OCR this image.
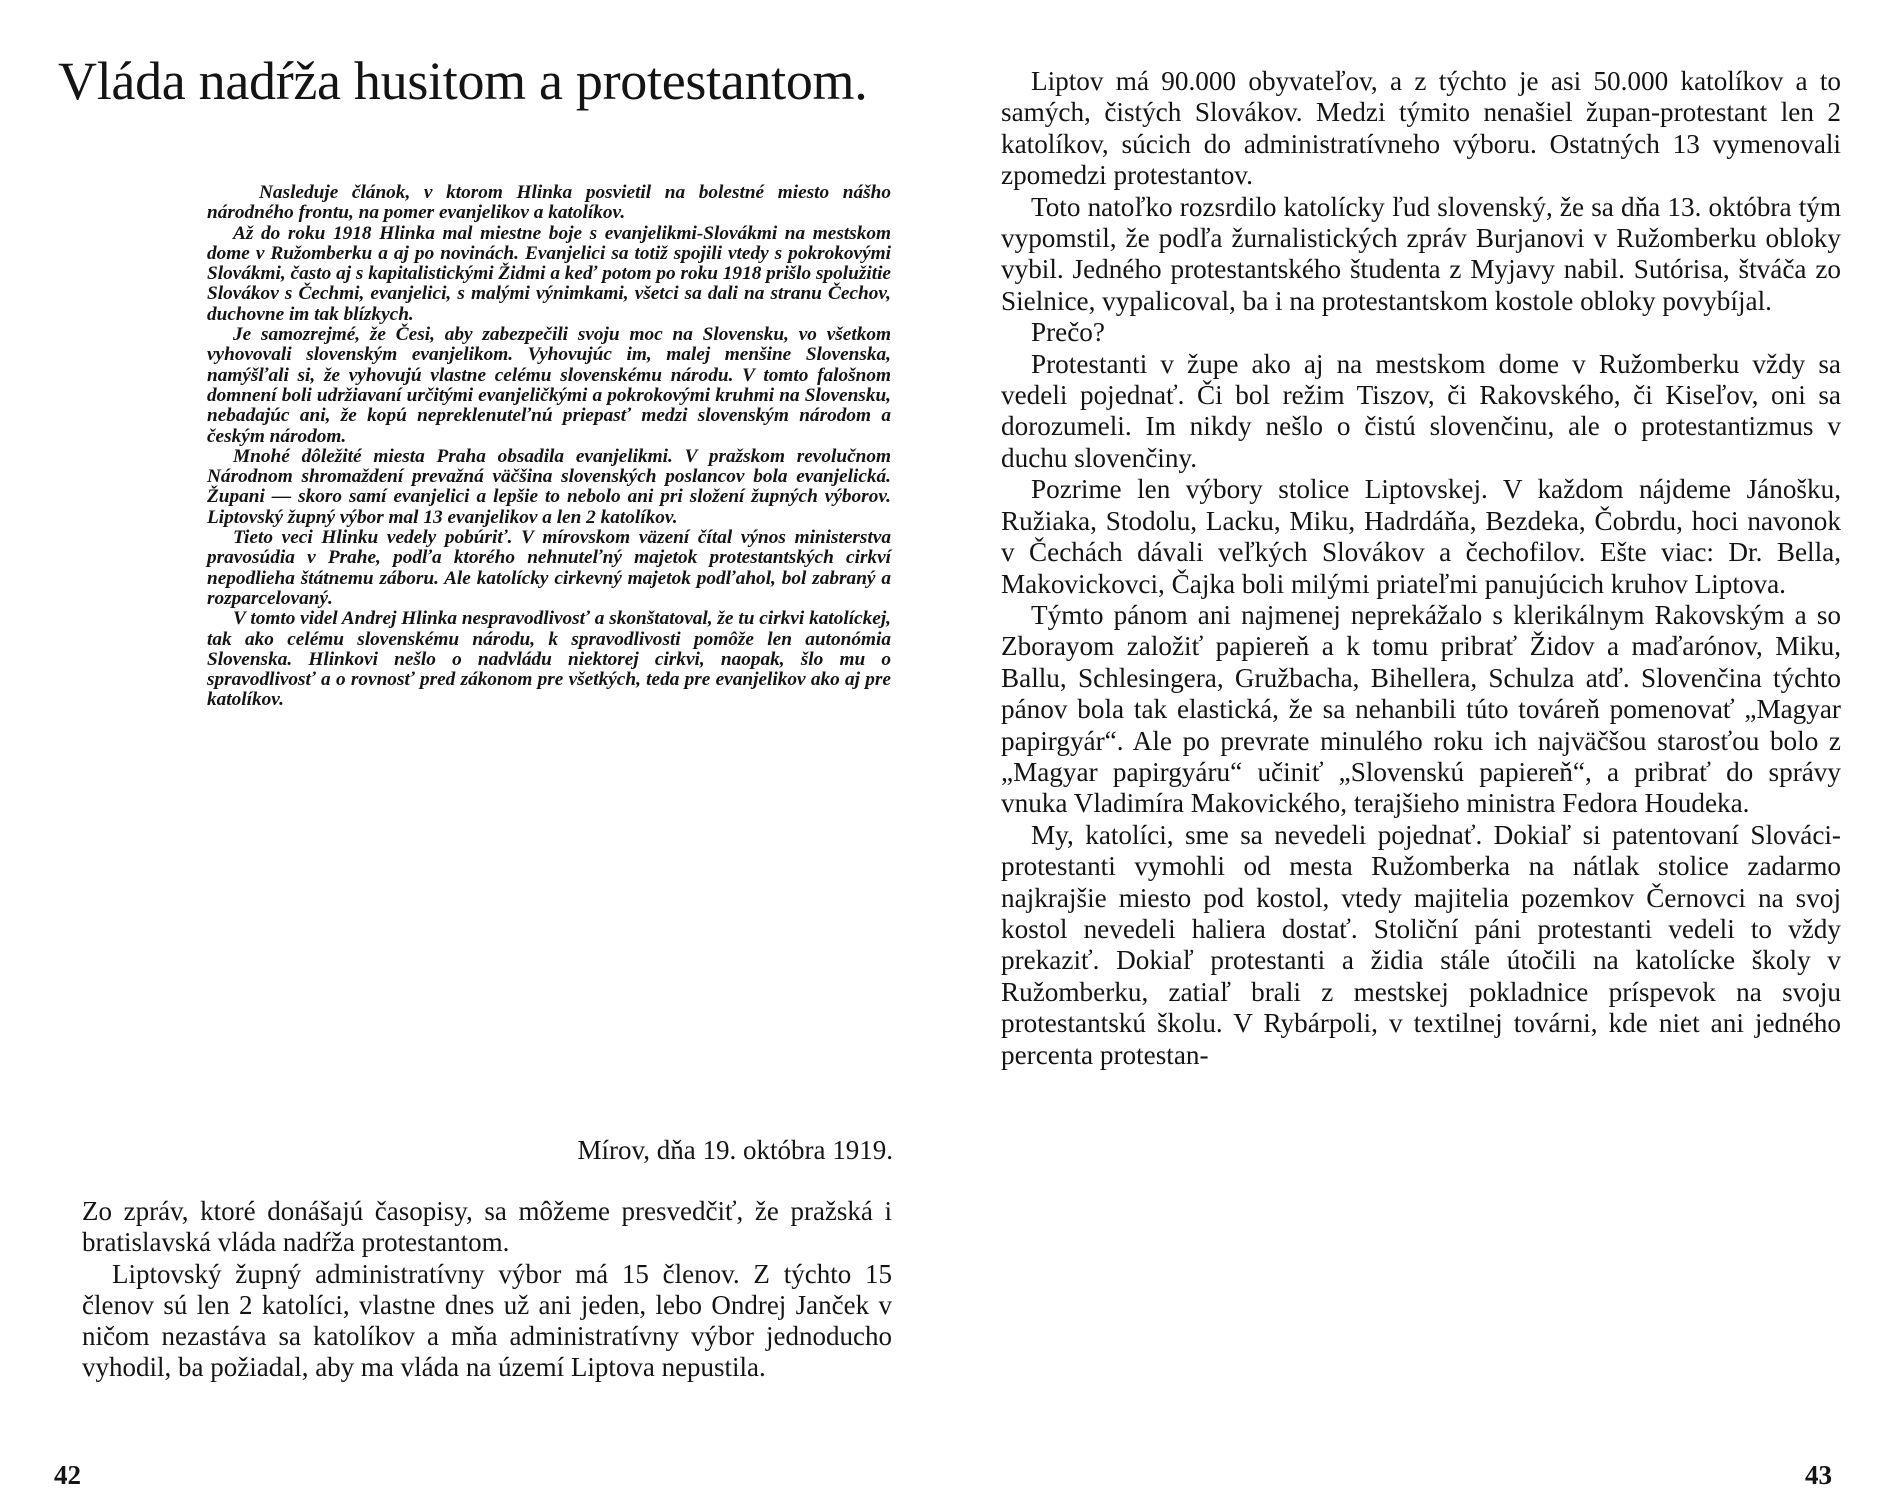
Vláda nadŕža husitom a protestantom.

Nasleduje článok, v ktorom Hlinka posvietil na bolestné miesto nášho národného frontu, na pomer evanjelikov a katolíkov.

Až do roku 1918 Hlinka mal miestne boje s evanjelikmi-Slovákmi na mestskom dome v Ružomberku a aj po novinách. Evanjelici sa totiž spojili vtedy s pokrokovými Slovákmi, často aj s kapitalistickými Židmi a keď potom po roku 1918 prišlo spolužitie Slovákov s Čechmi, evanjelici, s malými výnimkami, všetci sa dali na stranu Čechov, duchovne im tak blízkych.

Je samozrejmé, že Česi, aby zabezpečili svoju moc na Slovensku, vo všetkom vyhovovali slovenským evanjelikom. Vyhovujúc im, malej menšine Slovenska, namýšľali si, že vyhovujú vlastne celému slovenskému národu. V tomto falošnom domnení boli udržiavaní určitými evanjeličkými a pokrokovými kruhmi na Slovensku, nebadajúc ani, že kopú nepreklenuteľnú priepasť medzi slovenským národom a českým národom.

Mnohé dôležité miesta Praha obsadila evanjelikmi. V pražskom revolučnom Národnom shromaždení prevažná väčšina slovenských poslancov bola evanjelická. Župani — skoro samí evanjelici a lepšie to nebolo ani pri složení župných výborov. Liptovský župný výbor mal 13 evanjelikov a len 2 katolíkov.

Tieto veci Hlinku vedely pobúriť. V mírovskom väzení čítal výnos ministerstva pravosúdia v Prahe, podľa ktorého nehnuteľný majetok protestantských cirkví nepodlieha štátnemu záboru. Ale katolícky cirkevný majetok podľahol, bol zabraný a rozparcelovaný.

V tomto videl Andrej Hlinka nespravodlivosť a skonštatoval, že tu cirkvi katolíckej, tak ako celému slovenskému národu, k spravodlivosti pomôže len autonómia Slovenska. Hlinkovi nešlo o nadvládu niektorej cirkvi, naopak, šlo mu o spravodlivosť a o rovnosť pred zákonom pre všetkých, teda pre evanjelikov ako aj pre katolíkov.

Mírov, dňa 19. októbra 1919.

Zo zpráv, ktoré donášajú časopisy, sa môžeme presvedčiť, že pražská i bratislavská vláda nadŕža protestantom.

Liptovský župný administratívny výbor má 15 členov. Z týchto 15 členov sú len 2 katolíci, vlastne dnes už ani jeden, lebo Ondrej Janček v ničom nezastáva sa katolíkov a mňa administratívny výbor jednoducho vyhodil, ba požiadal, aby ma vláda na území Liptova nepustila.

42

Liptov má 90.000 obyvateľov, a z týchto je asi 50.000 katolíkov a to samých, čistých Slovákov. Medzi týmito nenašiel župan-protestant len 2 katolíkov, súcich do administratívneho výboru. Ostatných 13 vymenovali zpomedzi protestantov.

Toto natoľko rozsrdilo katolícky ľud slovenský, že sa dňa 13. októbra tým vypomstil, že podľa žurnalistických zpráv Burjanovi v Ružomberku obloky vybil. Jedného protestantského študenta z Myjavy nabil. Sutórisa, štváča zo Sielnice, vypalicoval, ba i na protestantskom kostole obloky povybíjal.

Prečo?

Protestanti v župe ako aj na mestskom dome v Ružomberku vždy sa vedeli pojednať. Či bol režim Tiszov, či Rakovského, či Kiseľov, oni sa dorozumeli. Im nikdy nešlo o čistú slovenčinu, ale o protestantizmus v duchu slovenčiny.

Pozrime len výbory stolice Liptovskej. V každom nájdeme Jánošku, Ružiaka, Stodolu, Lacku, Miku, Hadrdáňa, Bezdeka, Čobrdu, hoci navonok v Čechách dávali veľkých Slovákov a čechofilov. Ešte viac: Dr. Bella, Makovickovci, Čajka boli milými priateľmi panujúcich kruhov Liptova.

Týmto pánom ani najmenej neprekážalo s klerikálnym Rakovským a so Zborayom založiť papiereň a k tomu pribrať Židov a maďarónov, Miku, Ballu, Schlesingera, Gružbacha, Bihellera, Schulza atď. Slovenčina týchto pánov bola tak elastická, že sa nehanbili túto továreň pomenovať „Magyar papirgyár“. Ale po prevrate minulého roku ich najväčšou starosťou bolo z „Magyar papirgyáru“ učiniť „Slovenskú papiereň“, a pribrať do správy vnuka Vladimíra Makovického, terajšieho ministra Fedora Houdeka.

My, katolíci, sme sa nevedeli pojednať. Dokiaľ si patentovaní Slováci-protestanti vymohli od mesta Ružomberka na nátlak stolice zadarmo najkrajšie miesto pod kostol, vtedy majitelia pozemkov Černovci na svoj kostol nevedeli haliera dostať. Stoliční páni protestanti vedeli to vždy prekaziť. Dokiaľ protestanti a židia stále útočili na katolícke školy v Ružomberku, zatiaľ brali z mestskej pokladnice príspevok na svoju protestantskú školu. V Rybárpoli, v textilnej továrni, kde niet ani jedného percenta protestan-

43
